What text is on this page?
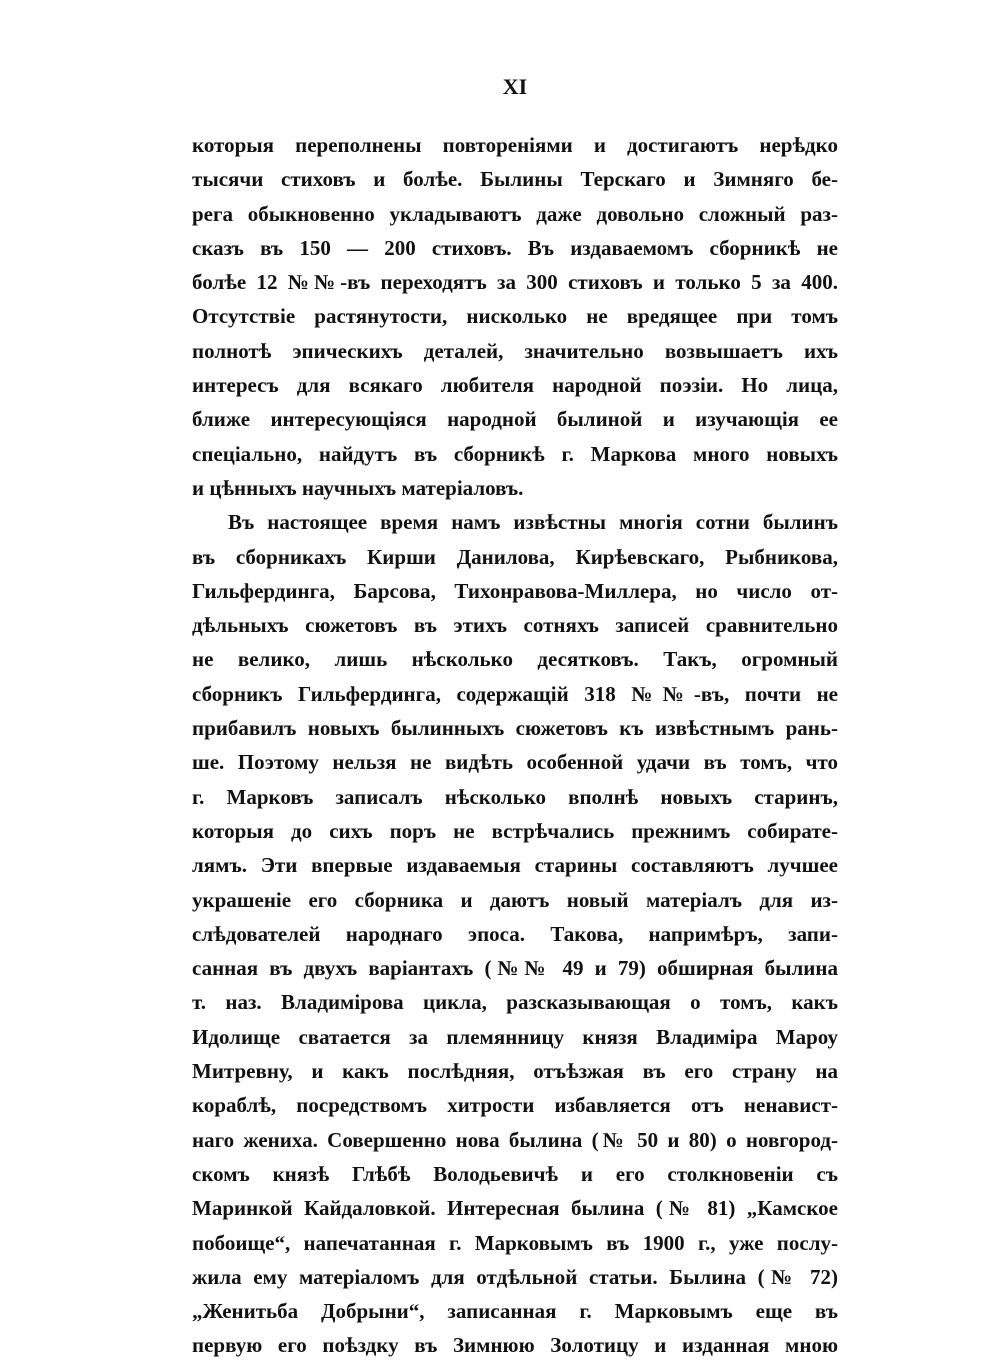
XI
которыя переполнены повтореніями и достигаютъ нерѣдко
тысячи стиховъ и болѣе. Былины Терскаго и Зимняго бе-
рега обыкновенно укладываютъ даже довольно сложный раз-
сказъ въ 150 — 200 стиховъ. Въ издаваемомъ сборникѣ не
болѣе 12 №№-въ переходятъ за 300 стиховъ и только 5 за 400.
Отсутствіе растянутости, нисколько не вредящее при томъ
полнотѣ эпическихъ деталей, значительно возвышаетъ ихъ
интересъ для всякаго любителя народной поэзіи. Но лица,
ближе интересующіяся народной былиной и изучающія ее
спеціально, найдутъ въ сборникѣ г. Маркова много новыхъ
и цѣнныхъ научныхъ матеріаловъ.
Въ настоящее время намъ извѣстны многія сотни былинъ
въ сборникахъ Кирши Данилова, Кирѣевскаго, Рыбникова,
Гильфердинга, Барсова, Тихонравова-Миллера, но число от-
дѣльныхъ сюжетовъ въ этихъ сотняхъ записей сравнительно
не велико, лишь нѣсколько десятковъ. Такъ, огромный
сборникъ Гильфердинга, содержащій 318 №№-въ, почти не
прибавилъ новыхъ былинныхъ сюжетовъ къ извѣстнымъ рань-
ше. Поэтому нельзя не видѣть особенной удачи въ томъ, что
г. Марковъ записалъ нѣсколько вполнѣ новыхъ старинъ,
которыя до сихъ поръ не встрѣчались прежнимъ собирате-
лямъ. Эти впервые издаваемыя старины составляютъ лучшее
украшеніе его сборника и даютъ новый матеріалъ для из-
слѣдователей народнаго эпоса. Такова, напримѣръ, запи-
санная въ двухъ варіантахъ (№№ 49 и 79) обширная былина
т. наз. Владимірова цикла, разсказывающая о томъ, какъ
Идолище сватается за племянницу князя Владиміра Мароу
Митревну, и какъ послѣдняя, отъѣзжая въ его страну на
кораблѣ, посредствомъ хитрости избавляется отъ ненавист-
наго жениха. Совершенно нова былина (№ 50 и 80) о новгород-
скомъ князѣ Глѣбѣ Володьевичѣ и его столкновеніи съ
Маринкой Кайдаловкой. Интересная былина (№ 81) „Камское
побоище“, напечатанная г. Марковымъ въ 1900 г., уже послу-
жила ему матеріаломъ для отдѣльной статьи. Былина (№ 72)
„Женитьба Добрыни“, записанная г. Марковымъ еще въ
первую его поѣздку въ Зимнюю Золотицу и изданная мною
